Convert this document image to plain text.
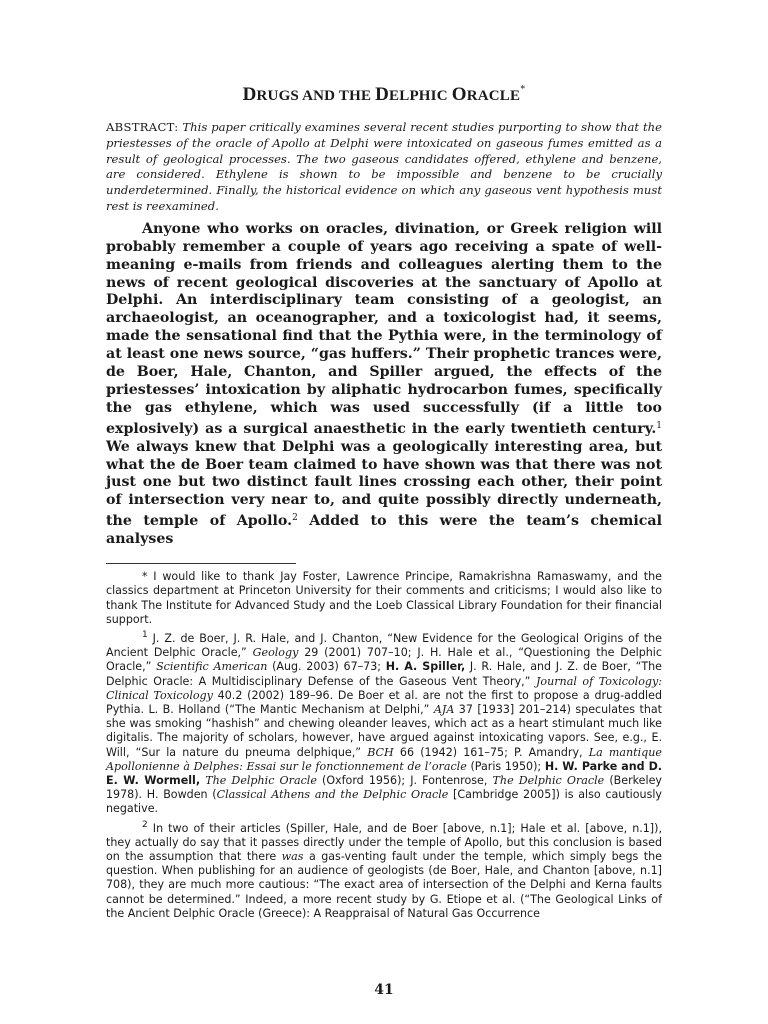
DRUGS AND THE DELPHIC ORACLE*

ABSTRACT: This paper critically examines several recent studies purporting to show that the priestesses of the oracle of Apollo at Delphi were intoxicated on gaseous fumes emitted as a result of geological processes. The two gaseous candidates offered, ethylene and benzene, are considered. Ethylene is shown to be impossible and benzene to be crucially underdetermined. Finally, the historical evidence on which any gaseous vent hypothesis must rest is reexamined.

Anyone who works on oracles, divination, or Greek religion will probably remember a couple of years ago receiving a spate of well-meaning e-mails from friends and colleagues alerting them to the news of recent geological discoveries at the sanctuary of Apollo at Delphi. An interdisciplinary team consisting of a geologist, an archaeologist, an oceanographer, and a toxicologist had, it seems, made the sensational find that the Pythia were, in the terminology of at least one news source, “gas huffers.” Their prophetic trances were, de Boer, Hale, Chanton, and Spiller argued, the effects of the priestesses’ intoxication by aliphatic hydrocarbon fumes, specifically the gas ethylene, which was used successfully (if a little too explosively) as a surgical anaesthetic in the early twentieth century.$^1$ We always knew that Delphi was a geologically interesting area, but what the de Boer team claimed to have shown was that there was not just one but two distinct fault lines crossing each other, their point of intersection very near to, and quite possibly directly underneath, the temple of Apollo.$^2$ Added to this were the team’s chemical analyses

* I would like to thank Jay Foster, Lawrence Principe, Ramakrishna Ramaswamy, and the classics department at Princeton University for their comments and criticisms; I would also like to thank The Institute for Advanced Study and the Loeb Classical Library Foundation for their financial support.

$^1$ J. Z. de Boer, J. R. Hale, and J. Chanton, “New Evidence for the Geological Origins of the Ancient Delphic Oracle,” Geology 29 (2001) 707–10; J. H. Hale et al., “Questioning the Delphic Oracle,” Scientific American (Aug. 2003) 67–73; H. A. Spiller, J. R. Hale, and J. Z. de Boer, “The Delphic Oracle: A Multidisciplinary Defense of the Gaseous Vent Theory,” Journal of Toxicology: Clinical Toxicology 40.2 (2002) 189–96. De Boer et al. are not the first to propose a drug-addled Pythia. L. B. Holland (“The Mantic Mechanism at Delphi,” AJA 37 [1933] 201–214) speculates that she was smoking “hashish” and chewing oleander leaves, which act as a heart stimulant much like digitalis. The majority of scholars, however, have argued against intoxicating vapors. See, e.g., E. Will, “Sur la nature du pneuma delphique,” BCH 66 (1942) 161–75; P. Amandry, La mantique Apollonienne à Delphes: Essai sur le fonctionnement de l’oracle (Paris 1950); H. W. Parke and D. E. W. Wormell, The Delphic Oracle (Oxford 1956); J. Fontenrose, The Delphic Oracle (Berkeley 1978). H. Bowden (Classical Athens and the Delphic Oracle [Cambridge 2005]) is also cautiously negative.

$^2$ In two of their articles (Spiller, Hale, and de Boer [above, n.1]; Hale et al. [above, n.1]), they actually do say that it passes directly under the temple of Apollo, but this conclusion is based on the assumption that there was a gas-venting fault under the temple, which simply begs the question. When publishing for an audience of geologists (de Boer, Hale, and Chanton [above, n.1] 708), they are much more cautious: “The exact area of intersection of the Delphi and Kerna faults cannot be determined.” Indeed, a more recent study by G. Etiope et al. (“The Geological Links of the Ancient Delphic Oracle (Greece): A Reappraisal of Natural Gas Occurrence

41
